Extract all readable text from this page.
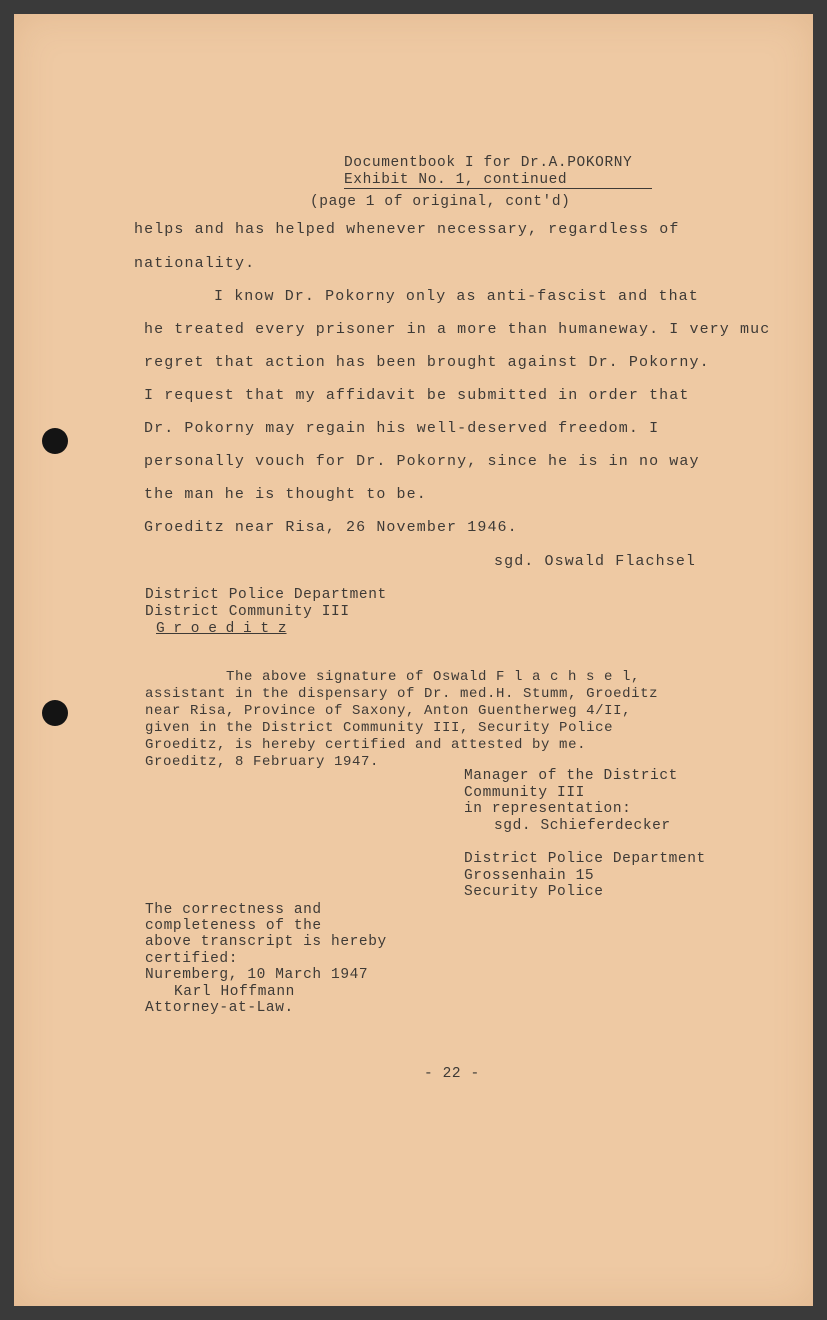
Documentbook I for Dr.A.POKORNY
Exhibit No. 1, continued
(page 1 of original, cont'd)
helps and has helped whenever necessary, regardless of
nationality.
I know Dr. Pokorny only as anti-fascist and that
he treated every prisoner in a more than humaneway. I very muc
regret that action has been brought against Dr. Pokorny.
I request that my affidavit be submitted in order that
Dr. Pokorny may regain his well-deserved freedom. I
personally vouch for Dr. Pokorny, since he is in no way
the man he is thought to be.
Groeditz near Risa, 26 November 1946.
sgd. Oswald Flachsel
District Police Department
District Community III
G r o e d i t z
The above signature of Oswald F l a c h s e l,
assistant in the dispensary of Dr. med.H. Stumm, Groeditz
near Risa, Province of Saxony, Anton Guentherweg 4/II,
given in the District Community III, Security Police
Groeditz, is hereby certified and attested by me.
Groeditz, 8 February 1947.
Manager of the District
Community III
in representation:
sgd. Schieferdecker
District Police Department
Grossenhain 15
Security Police
The correctness and
completeness of the
above transcript is hereby
certified:
Nuremberg, 10 March 1947
Karl Hoffmann
Attorney-at-Law.
- 22 -
